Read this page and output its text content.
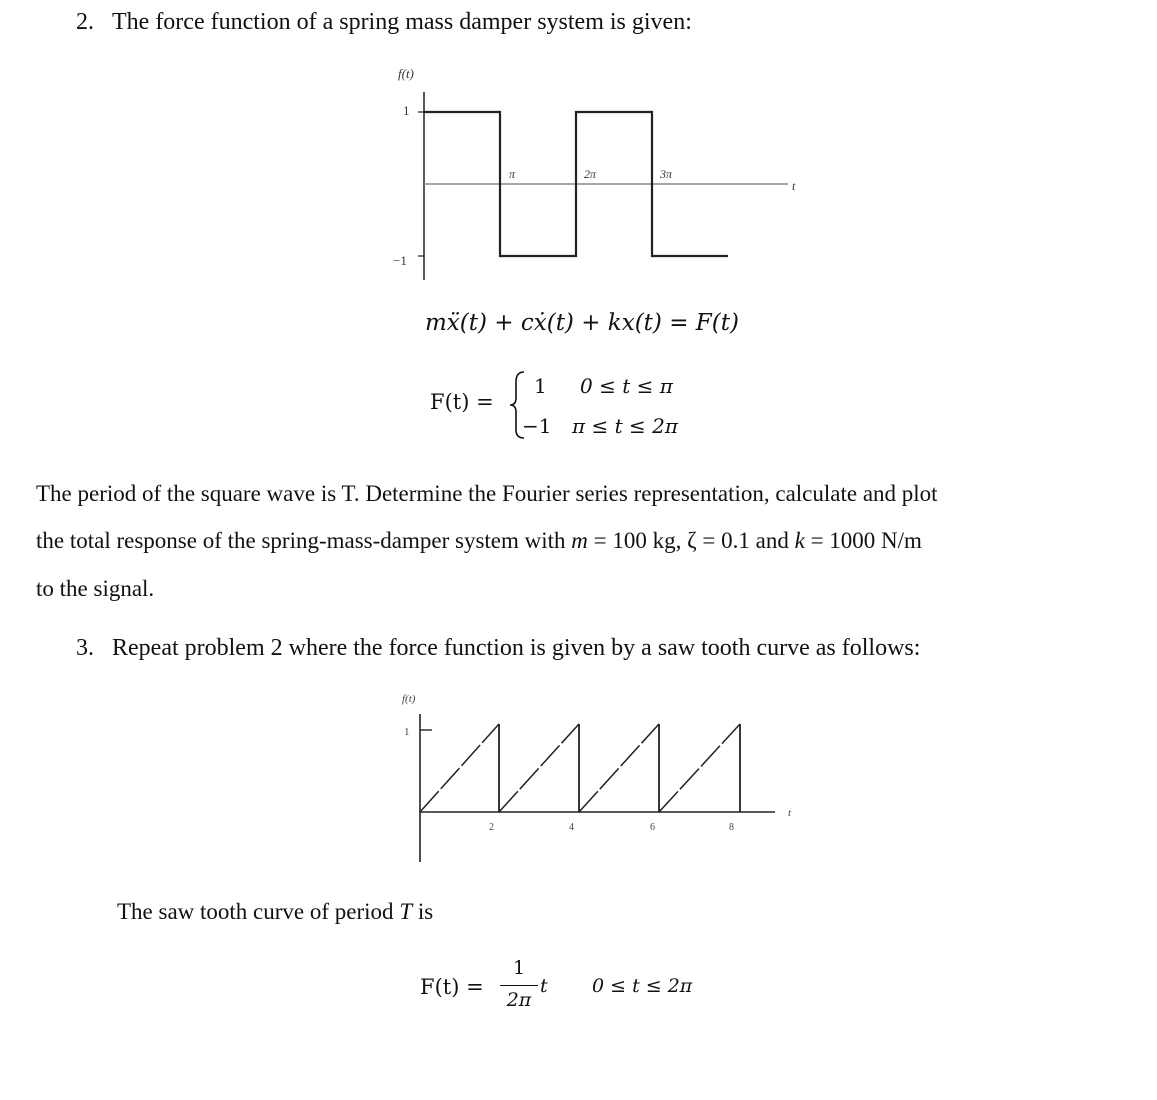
2. The force function of a spring mass damper system is given:
f(t)
1
−1
t
π	2π	3π
mẍ(t) + cẋ(t) + kx(t) = F(t)
F(t) =
1 0 ≤ t ≤ π
−1 π ≤ t ≤ 2π
The period of the square wave is T. Determine the Fourier series representation, calculate and plot
the total response of the spring-mass-damper system with m = 100 kg, ζ = 0.1 and k = 1000 N/m
to the signal.
3. Repeat problem 2 where the force function is given by a saw tooth curve as follows:
f(t)
1
t
2	4	6	8
The saw tooth curve of period T is
F(t) =
1
2π
t 0 ≤ t ≤ 2π
